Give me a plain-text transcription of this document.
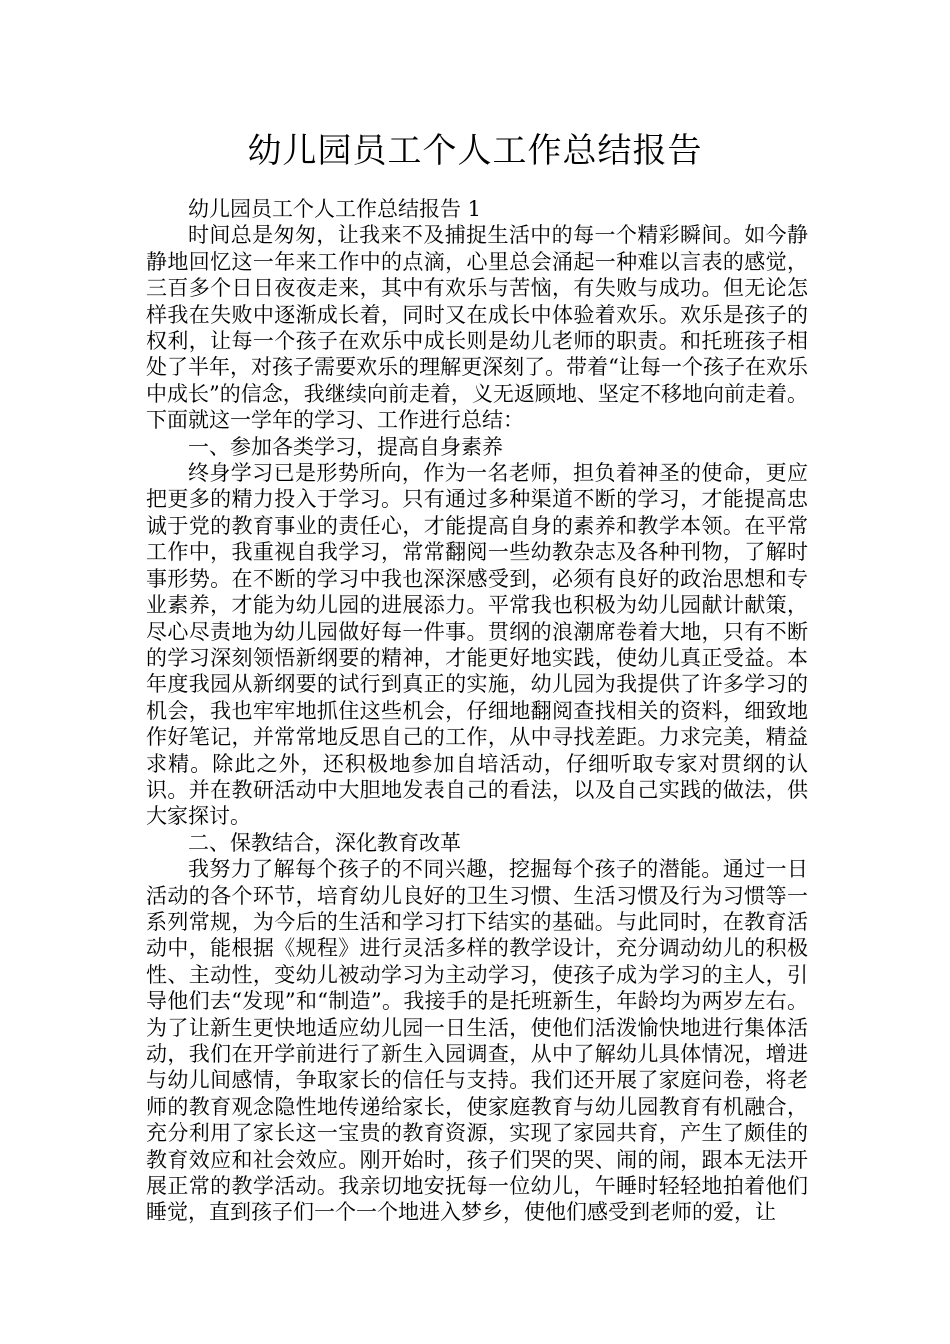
幼儿园员工个人工作总结报告

幼儿园员工个人工作总结报告 1

时间总是匆匆，让我来不及捕捉生活中的每一个精彩瞬间。如今静静地回忆这一年来工作中的点滴，心里总会涌起一种难以言表的感觉，三百多个日日夜夜走来，其中有欢乐与苦恼，有失败与成功。但无论怎样我在失败中逐渐成长着，同时又在成长中体验着欢乐。欢乐是孩子的权利，让每一个孩子在欢乐中成长则是幼儿老师的职责。和托班孩子相处了半年，对孩子需要欢乐的理解更深刻了。带着“让每一个孩子在欢乐中成长”的信念，我继续向前走着，义无返顾地、坚定不移地向前走着。下面就这一学年的学习、工作进行总结：

一、参加各类学习，提高自身素养

终身学习已是形势所向，作为一名老师，担负着神圣的使命，更应把更多的精力投入于学习。只有通过多种渠道不断的学习，才能提高忠诚于党的教育事业的责任心，才能提高自身的素养和教学本领。在平常工作中，我重视自我学习，常常翻阅一些幼教杂志及各种刊物，了解时事形势。在不断的学习中我也深深感受到，必须有良好的政治思想和专业素养，才能为幼儿园的进展添力。平常我也积极为幼儿园献计献策，尽心尽责地为幼儿园做好每一件事。贯纲的浪潮席卷着大地，只有不断的学习深刻领悟新纲要的精神，才能更好地实践，使幼儿真正受益。本年度我园从新纲要的试行到真正的实施，幼儿园为我提供了许多学习的机会，我也牢牢地抓住这些机会，仔细地翻阅查找相关的资料，细致地作好笔记，并常常地反思自己的工作，从中寻找差距。力求完美，精益求精。除此之外，还积极地参加自培活动，仔细听取专家对贯纲的认识。并在教研活动中大胆地发表自己的看法，以及自己实践的做法，供大家探讨。

二、保教结合，深化教育改革

我努力了解每个孩子的不同兴趣，挖掘每个孩子的潜能。通过一日活动的各个环节，培育幼儿良好的卫生习惯、生活习惯及行为习惯等一系列常规，为今后的生活和学习打下结实的基础。与此同时，在教育活动中，能根据《规程》进行灵活多样的教学设计，充分调动幼儿的积极性、主动性，变幼儿被动学习为主动学习，使孩子成为学习的主人，引导他们去“发现”和“制造”。我接手的是托班新生，年龄均为两岁左右。为了让新生更快地适应幼儿园一日生活，使他们活泼愉快地进行集体活动，我们在开学前进行了新生入园调查，从中了解幼儿具体情况，增进与幼儿间感情，争取家长的信任与支持。我们还开展了家庭问卷，将老师的教育观念隐性地传递给家长，使家庭教育与幼儿园教育有机融合，充分利用了家长这一宝贵的教育资源，实现了家园共育，产生了颇佳的教育效应和社会效应。刚开始时，孩子们哭的哭、闹的闹，跟本无法开展正常的教学活动。我亲切地安抚每一位幼儿，午睡时轻轻地拍着他们睡觉，直到孩子们一个一个地进入梦乡，使他们感受到老师的爱，让
